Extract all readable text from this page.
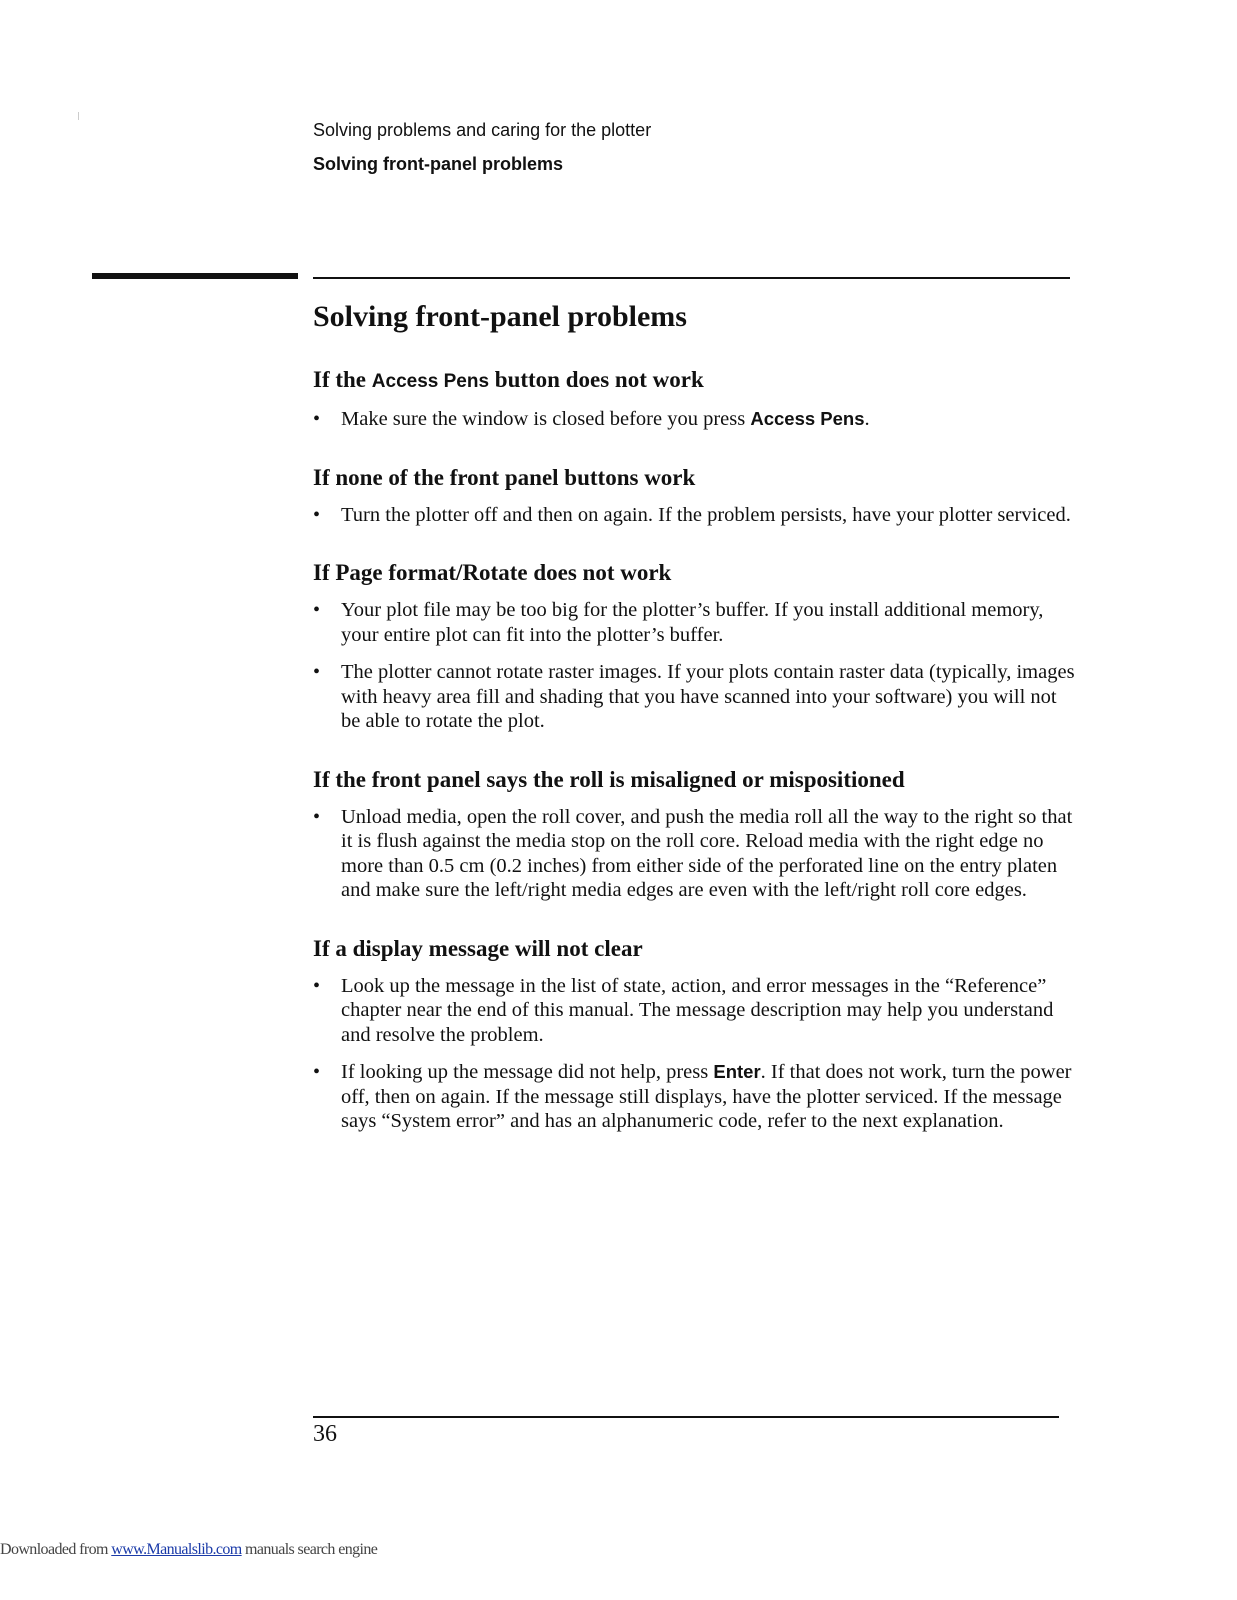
Solving problems and caring for the plotter
Solving front-panel problems
Solving front-panel problems
If the Access Pens button does not work
• Make sure the window is closed before you press Access Pens.
If none of the front panel buttons work
• Turn the plotter off and then on again. If the problem persists, have your plotter serviced.
If Page format/Rotate does not work
• Your plot file may be too big for the plotter’s buffer. If you install additional memory, your entire plot can fit into the plotter’s buffer.
• The plotter cannot rotate raster images. If your plots contain raster data (typically, images with heavy area fill and shading that you have scanned into your software) you will not be able to rotate the plot.
If the front panel says the roll is misaligned or mispositioned
• Unload media, open the roll cover, and push the media roll all the way to the right so that it is flush against the media stop on the roll core. Reload media with the right edge no more than 0.5 cm (0.2 inches) from either side of the perforated line on the entry platen and make sure the left/right media edges are even with the left/right roll core edges.
If a display message will not clear
• Look up the message in the list of state, action, and error messages in the “Reference” chapter near the end of this manual. The message description may help you understand and resolve the problem.
• If looking up the message did not help, press Enter. If that does not work, turn the power off, then on again. If the message still displays, have the plotter serviced. If the message says “System error” and has an alphanumeric code, refer to the next explanation.
36
Downloaded from www.Manualslib.com manuals search engine
